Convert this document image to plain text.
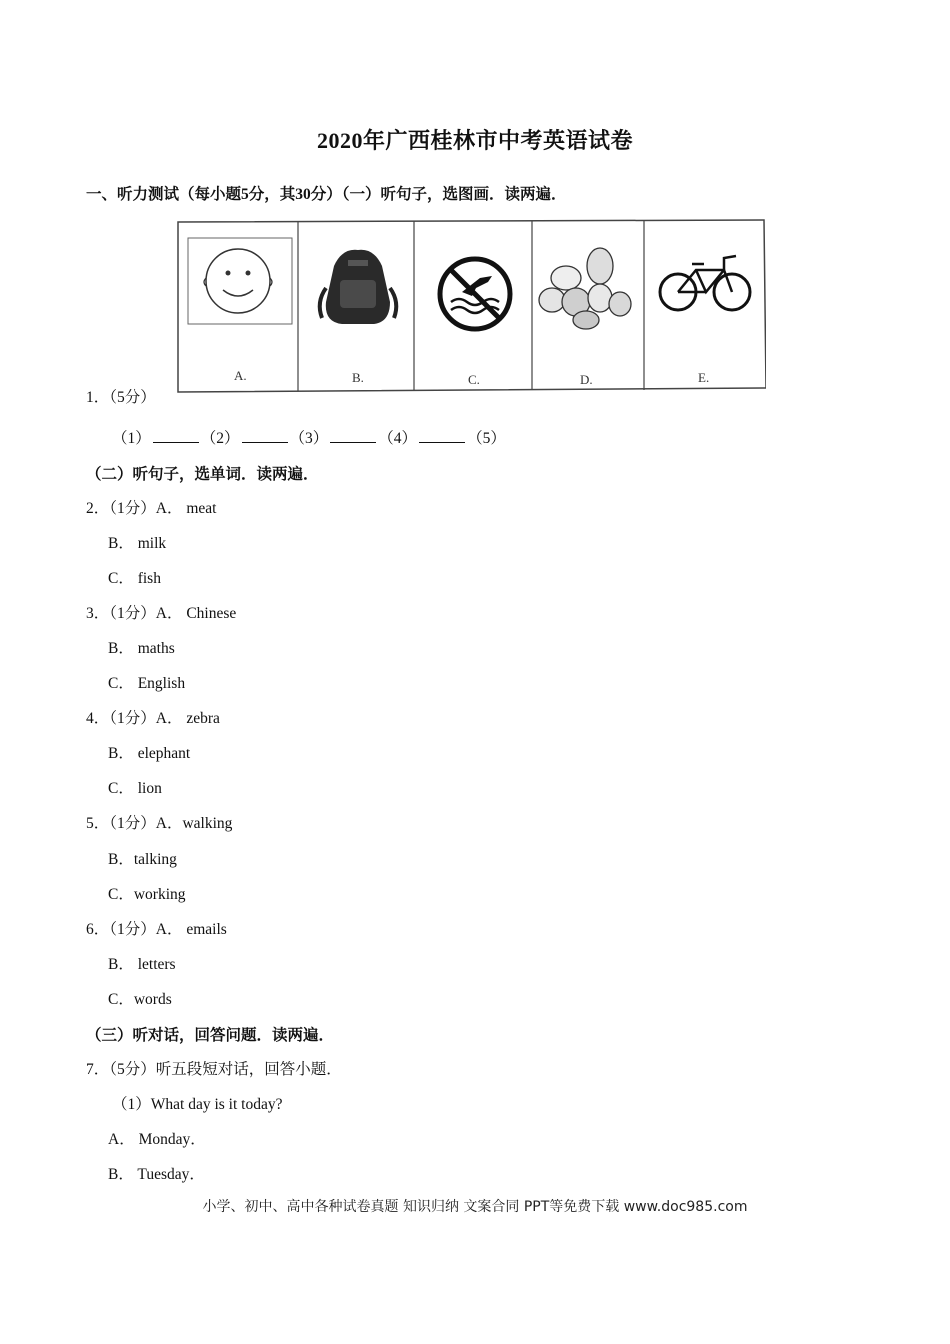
2020年广西桂林市中考英语试卷
一、听力测试（每小题5分，其30分）（一）听句子，选图画．读两遍．
A.	B.	C.	D.	E.
1．（5分）
（1）	（2）	（3）	（4）	（5）
（二）听句子，选单词．读两遍．
2．（1分）A． meat
B． milk
C． fish
3．（1分）A． Chinese
B． maths
C． English
4．（1分）A． zebra
B． elephant
C． lion
5．（1分）A．walking
B．talking
C．working
6．（1分）A． emails
B． letters
C．words
（三）听对话，回答问题．读两遍．
7．（5分）听五段短对话，回答小题．
（1）What day is it today?
A． Monday．
B． Tuesday．
小学、初中、高中各种试卷真题 知识归纳 文案合同 PPT等免费下载 www.doc985.com
